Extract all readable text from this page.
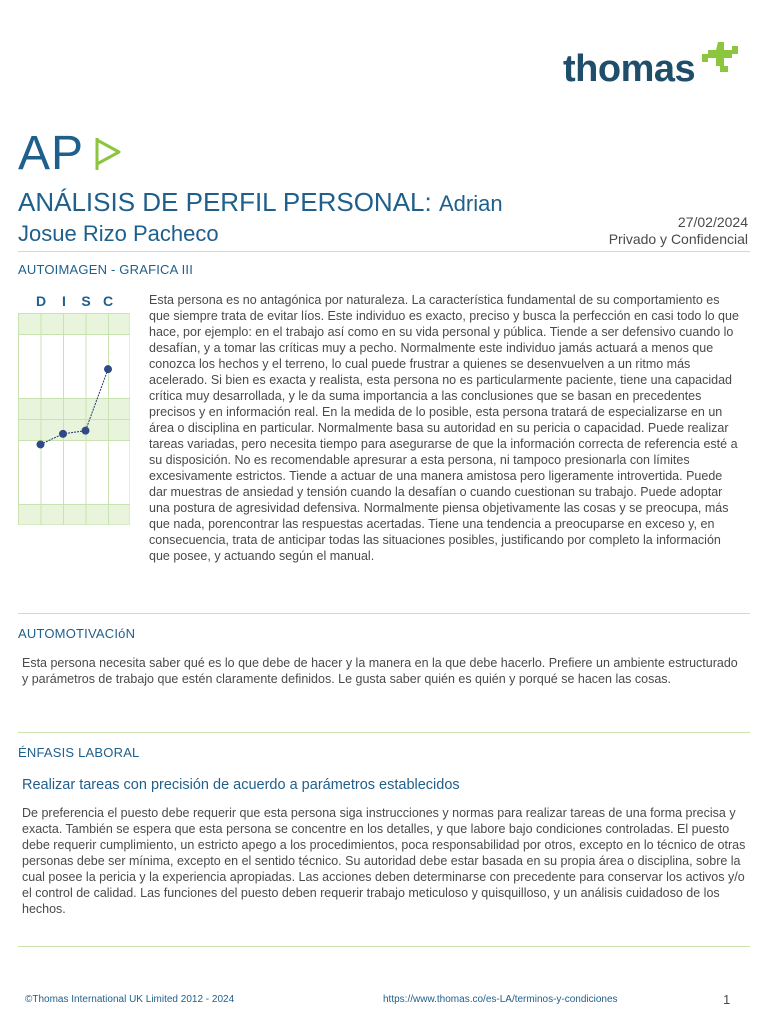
thomas
AP
ANÁLISIS DE PERFIL PERSONAL: Adrian
Josue Rizo Pacheco	27/02/2024
Privado y Confidencial
AUTOIMAGEN - GRAFICA III
D	I	S C	Esta persona es no antagónica por naturaleza. La característica fundamental de su comportamiento es que siempre trata de evitar líos. Este individuo es exacto, preciso y busca la perfección en casi todo lo que hace, por ejemplo: en el trabajo así como en su vida personal y pública. Tiende a ser defensivo cuando lo desafían, y a tomar las críticas muy a pecho. Normalmente este individuo jamás actuará a menos que conozca los hechos y el terreno, lo cual puede frustrar a quienes se desenvuelven a un ritmo más acelerado. Si bien es exacta y realista, esta persona no es particularmente paciente, tiene una capacidad crítica muy desarrollada, y le da suma importancia a las conclusiones que se basan en precedentes precisos y en información real. En la medida de lo posible, esta persona tratará de especializarse en un área o disciplina en particular. Normalmente basa su autoridad en su pericia o capacidad. Puede realizar tareas variadas, pero necesita tiempo para asegurarse de que la información correcta de referencia esté a su disposición. No es recomendable apresurar a esta persona, ni tampoco presionarla con límites excesivamente estrictos. Tiende a actuar de una manera amistosa pero ligeramente introvertida. Puede dar muestras de ansiedad y tensión cuando la desafían o cuando cuestionan su trabajo. Puede adoptar una postura de agresividad defensiva. Normalmente piensa objetivamente las cosas y se preocupa, más que nada, porencontrar las respuestas acertadas. Tiene una tendencia a preocuparse en exceso y, en consecuencia, trata de anticipar todas las situaciones posibles, justificando por completo la información que posee, y actuando según el manual.

AUTOMOTIVACIóN

Esta persona necesita saber qué es lo que debe de hacer y la manera en la que debe hacerlo. Prefiere un ambiente estructurado y parámetros de trabajo que estén claramente definidos. Le gusta saber quién es quién y porqué se hacen las cosas.

ÉNFASIS LABORAL
Realizar tareas con precisión de acuerdo a parámetros establecidos

De preferencia el puesto debe requerir que esta persona siga instrucciones y normas para realizar tareas de una forma precisa y exacta. También se espera que esta persona se concentre en los detalles, y que labore bajo condiciones controladas. El puesto debe requerir cumplimiento, un estricto apego a los procedimientos, poca responsabilidad por otros, excepto en lo técnico de otras personas debe ser mínima, excepto en el sentido técnico. Su autoridad debe estar basada en su propia área o disciplina, sobre la cual posee la pericia y la experiencia apropiadas. Las acciones deben determinarse con precedente para conservar los activos y/o el control de calidad. Las funciones del puesto deben requerir trabajo meticuloso y quisquilloso, y un análisis cuidadoso de los hechos.

©Thomas International UK Limited 2012 - 2024	https://www.thomas.co/es-LA/terminos-y-condiciones	1
